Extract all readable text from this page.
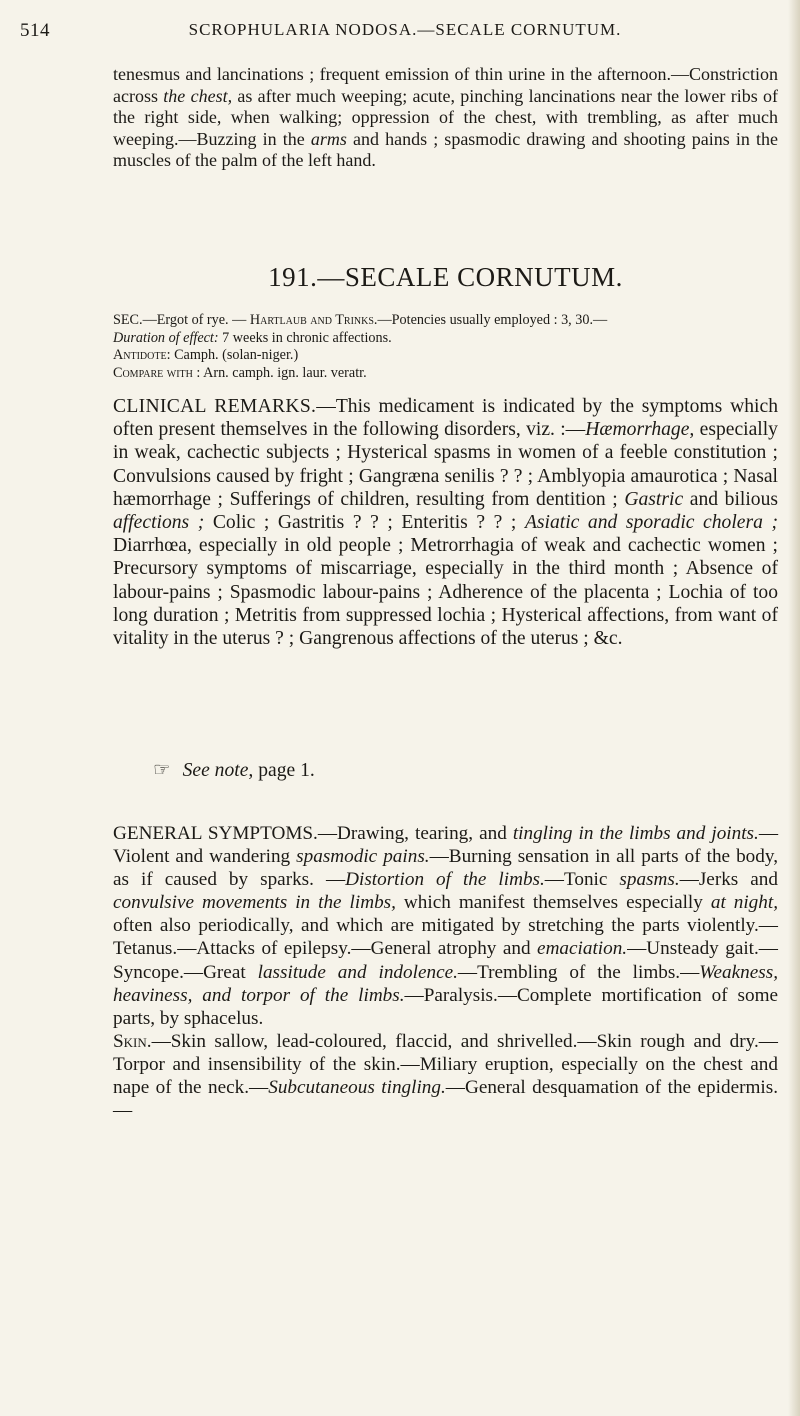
514	SCROPHULARIA NODOSA.—SECALE CORNUTUM.

tenesmus and lancinations ; frequent emission of thin urine in the afternoon.—Constriction across the chest, as after much weeping; acute, pinching lancinations near the lower ribs of the right side, when walking; oppression of the chest, with trembling, as after much weeping.—Buzzing in the arms and hands ; spasmodic drawing and shooting pains in the muscles of the palm of the left hand.

191.—SECALE CORNUTUM.

SEC.—Ergot of rye. — Hartlaub and Trinks.—Potencies usually employed : 3, 30.—
Duration of effect: 7 weeks in chronic affections.
Antidote: Camph. (solan-niger.)
Compare with : Arn. camph. ign. laur. veratr.

CLINICAL REMARKS.—This medicament is indicated by the symptoms which often present themselves in the following disorders, viz. :—Hæmorrhage, especially in weak, cachectic subjects ; Hysterical spasms in women of a feeble constitution ; Convulsions caused by fright ; Gangræna senilis ? ? ; Amblyopia amaurotica ; Nasal hæmorrhage ; Sufferings of children, resulting from dentition ; Gastric and bilious affections ; Colic ; Gastritis ? ? ; Enteritis ? ? ; Asiatic and sporadic cholera ; Diarrhœa, especially in old people ; Metrorrhagia of weak and cachectic women ; Precursory symptoms of miscarriage, especially in the third month ; Absence of labour-pains ; Spasmodic labour-pains ; Adherence of the placenta ; Lochia of too long duration ; Metritis from suppressed lochia ; Hysterical affections, from want of vitality in the uterus ? ; Gangrenous affections of the uterus ; &c.

☞ See note, page 1.

GENERAL SYMPTOMS.—Drawing, tearing, and tingling in the limbs and joints.—Violent and wandering spasmodic pains.—Burning sensation in all parts of the body, as if caused by sparks. —Distortion of the limbs.—Tonic spasms.—Jerks and convulsive movements in the limbs, which manifest themselves especially at night, often also periodically, and which are mitigated by stretching the parts violently.—Tetanus.—Attacks of epilepsy.—General atrophy and emaciation.—Unsteady gait.—Syncope.—Great lassitude and indolence.—Trembling of the limbs.—Weakness, heaviness, and torpor of the limbs.—Paralysis.—Complete mortification of some parts, by sphacelus.

Skin.—Skin sallow, lead-coloured, flaccid, and shrivelled.—Skin rough and dry.—Torpor and insensibility of the skin.—Miliary eruption, especially on the chest and nape of the neck.—Subcutaneous tingling.—General desquamation of the epidermis.—
